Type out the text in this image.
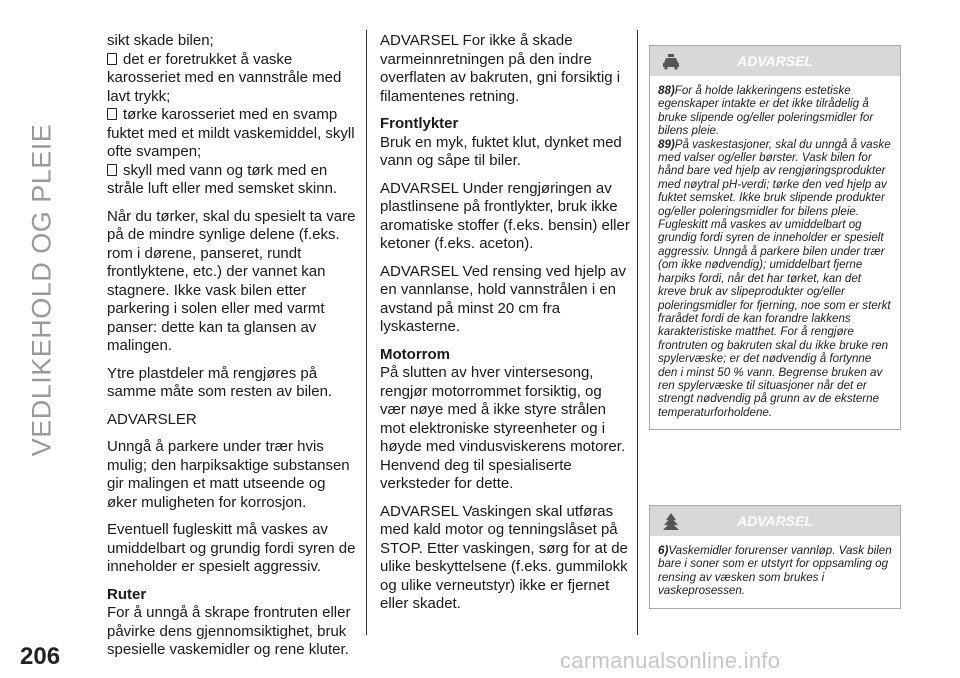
VEDLIKEHOLD OG PLEIE

sikt skade bilen;

det er foretrukket å vaske karosseriet med en vannstråle med lavt trykk;

tørke karosseriet med en svamp fuktet med et mildt vaskemiddel, skyll ofte svampen;

skyll med vann og tørk med en stråle luft eller med semsket skinn.

Når du tørker, skal du spesielt ta vare på de mindre synlige delene (f.eks. rom i dørene, panseret, rundt frontlyktene, etc.) der vannet kan stagnere. Ikke vask bilen etter parkering i solen eller med varmt panser: dette kan ta glansen av malingen.

Ytre plastdeler må rengjøres på samme måte som resten av bilen.

ADVARSLER

Unngå å parkere under trær hvis mulig; den harpiksaktige substansen gir malingen et matt utseende og øker muligheten for korrosjon.

Eventuell fugleskitt må vaskes av umiddelbart og grundig fordi syren de inneholder er spesielt aggressiv.

Ruter

For å unngå å skrape frontruten eller påvirke dens gjennomsiktighet, bruk spesielle vaskemidler og rene kluter.

ADVARSEL For ikke å skade varmeinnretningen på den indre overflaten av bakruten, gni forsiktig i filamentenes retning.

Frontlykter

Bruk en myk, fuktet klut, dynket med vann og såpe til biler.

ADVARSEL Under rengjøringen av plastlinsene på frontlykter, bruk ikke aromatiske stoffer (f.eks. bensin) eller ketoner (f.eks. aceton).

ADVARSEL Ved rensing ved hjelp av en vannlanse, hold vannstrålen i en avstand på minst 20 cm fra lyskasterne.

Motorrom

På slutten av hver vintersesong, rengjør motorrommet forsiktig, og vær nøye med å ikke styre strålen mot elektroniske styreenheter og i høyde med vindusviskerens motorer. Henvend deg til spesialiserte verksteder for dette.

ADVARSEL Vaskingen skal utføras med kald motor og tenningslåset på STOP. Etter vaskingen, sørg for at de ulike beskyttelsene (f.eks. gummilokk og ulike verneutstyr) ikke er fjernet eller skadet.

ADVARSEL

88)For å holde lakkeringens estetiske egenskaper intakte er det ikke tilrådelig å bruke slipende og/eller poleringsmidler for bilens pleie.

89)På vaskestasjoner, skal du unngå å vaske med valser og/eller børster. Vask bilen for hånd bare ved hjelp av rengjøringsprodukter med nøytral pH-verdi; tørke den ved hjelp av fuktet semsket. Ikke bruk slipende produkter og/eller poleringsmidler for bilens pleie. Fugleskitt må vaskes av umiddelbart og grundig fordi syren de inneholder er spesielt aggressiv. Unngå å parkere bilen under trær (om ikke nødvendig); umiddelbart fjerne harpiks fordi, når det har tørket, kan det kreve bruk av slipeprodukter og/eller poleringsmidler for fjerning, noe som er sterkt frarådet fordi de kan forandre lakkens karakteristiske matthet. For å rengjøre frontruten og bakruten skal du ikke bruke ren spylervæske; er det nødvendig å fortynne den i minst 50 % vann. Begrense bruken av ren spylervæske til situasjoner når det er strengt nødvendig på grunn av de eksterne temperaturforholdene.

ADVARSEL

6)Vaskemidler forurenser vannløp. Vask bilen bare i soner som er utstyrt for oppsamling og rensing av væsken som brukes i vaskeprosessen.

206	carmanualsonline.info
